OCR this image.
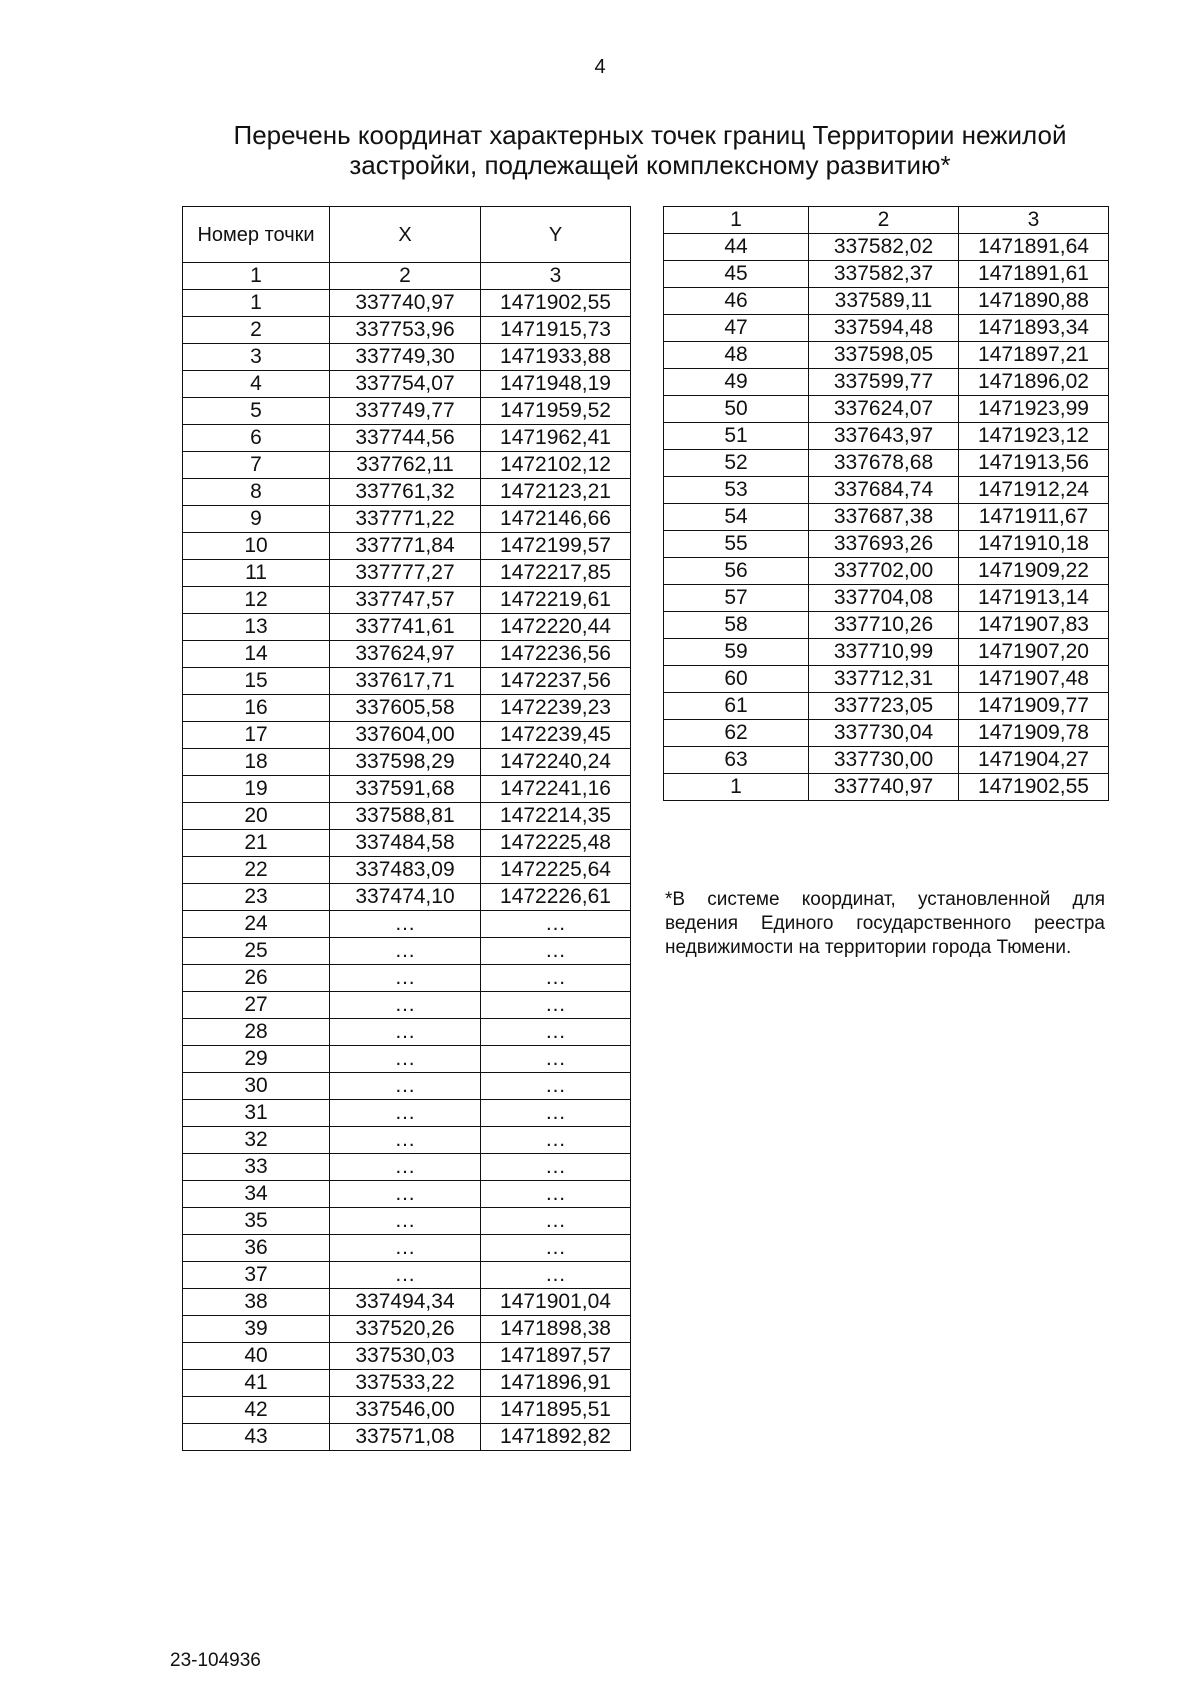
4
Перечень координат характерных точек границ Территории нежилой застройки, подлежащей комплексному развитию*
Номер точки	X	Y
1	2	3
1	337740,97	1471902,55
2	337753,96	1471915,73
3	337749,30	1471933,88
4	337754,07	1471948,19
5	337749,77	1471959,52
6	337744,56	1471962,41
7	337762,11	1472102,12
8	337761,32	1472123,21
9	337771,22	1472146,66
10	337771,84	1472199,57
11	337777,27	1472217,85
12	337747,57	1472219,61
13	337741,61	1472220,44
14	337624,97	1472236,56
15	337617,71	1472237,56
16	337605,58	1472239,23
17	337604,00	1472239,45
18	337598,29	1472240,24
19	337591,68	1472241,16
20	337588,81	1472214,35
21	337484,58	1472225,48
22	337483,09	1472225,64
23	337474,10	1472226,61
24	…	…
25	…	…
26	…	…
27	…	…
28	…	…
29	…	…
30	…	…
31	…	…
32	…	…
33	…	…
34	…	…
35	…	…
36	…	…
37	…	…
38	337494,34	1471901,04
39	337520,26	1471898,38
40	337530,03	1471897,57
41	337533,22	1471896,91
42	337546,00	1471895,51
43	337571,08	1471892,82
1	2	3
44	337582,02	1471891,64
45	337582,37	1471891,61
46	337589,11	1471890,88
47	337594,48	1471893,34
48	337598,05	1471897,21
49	337599,77	1471896,02
50	337624,07	1471923,99
51	337643,97	1471923,12
52	337678,68	1471913,56
53	337684,74	1471912,24
54	337687,38	1471911,67
55	337693,26	1471910,18
56	337702,00	1471909,22
57	337704,08	1471913,14
58	337710,26	1471907,83
59	337710,99	1471907,20
60	337712,31	1471907,48
61	337723,05	1471909,77
62	337730,04	1471909,78
63	337730,00	1471904,27
1	337740,97	1471902,55
*В системе координат, установленной для ведения Единого государственного реестра недвижимости на территории города Тюмени.
23-104936
